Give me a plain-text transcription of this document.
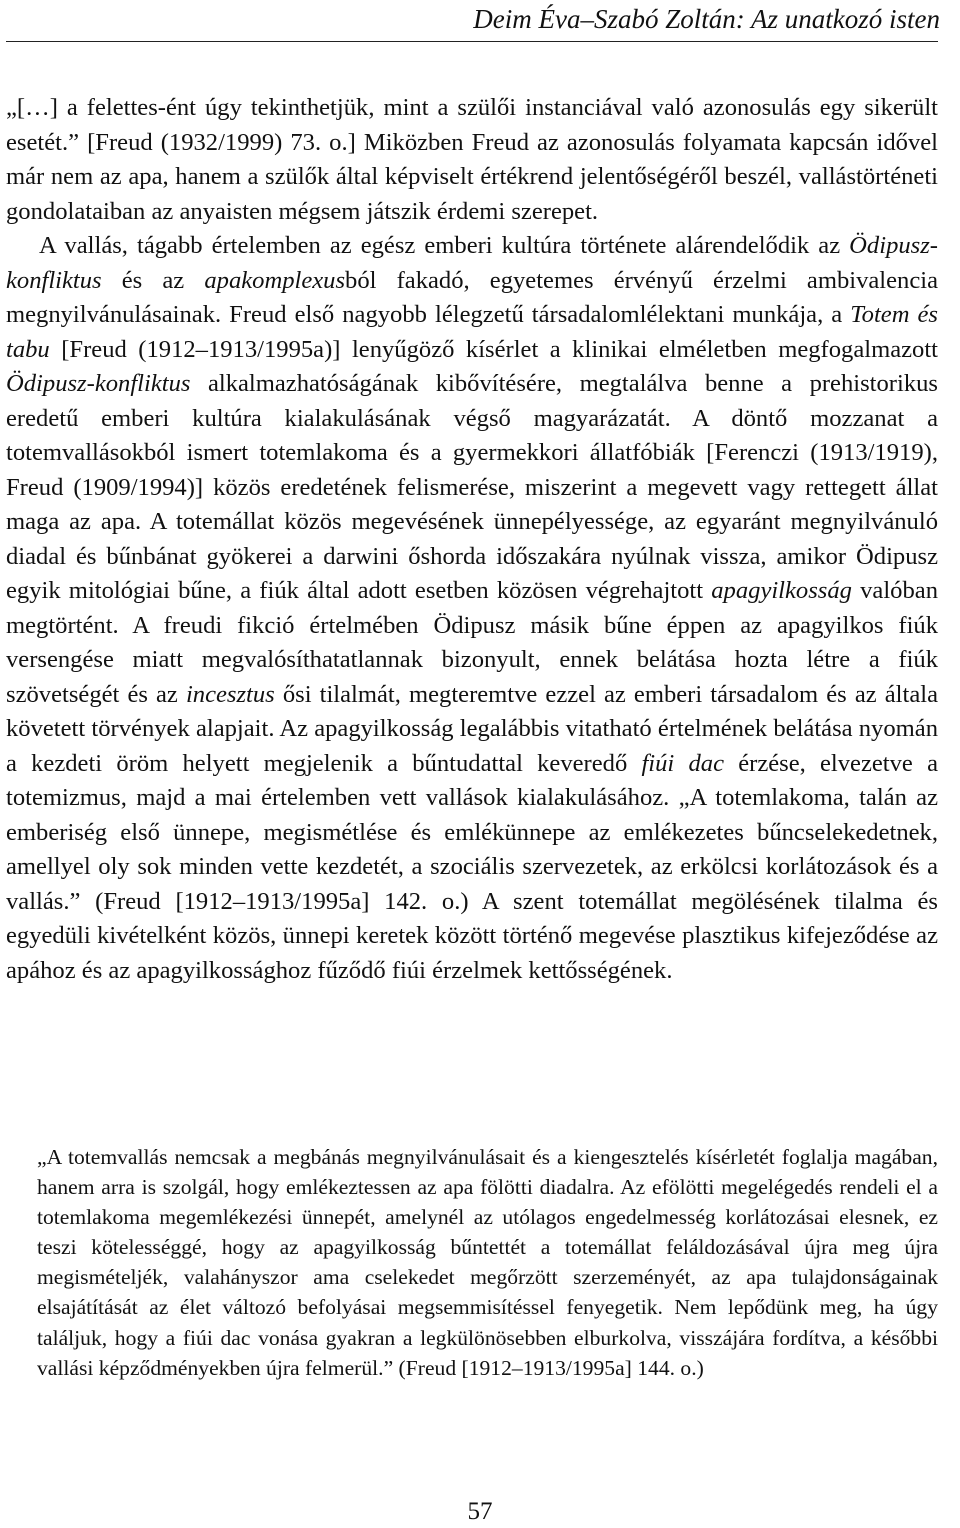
Deim Éva–Szabó Zoltán: Az unatkozó isten

„[…] a felettes-ént úgy tekinthetjük, mint a szülői instanciával való azonosulás egy sikerült esetét.” [Freud (1932/1999) 73. o.] Miközben Freud az azonosulás folyamata kapcsán idővel már nem az apa, hanem a szülők által képviselt értékrend jelentőségéről beszél, vallástörténeti gondolataiban az anyaisten mégsem játszik érdemi szerepet.

A vallás, tágabb értelemben az egész emberi kultúra története alárendelődik az Ödipusz-konfliktus és az apakomplexusból fakadó, egyetemes érvényű érzelmi ambivalencia megnyilvánulásainak. Freud első nagyobb lélegzetű társadalomlélektani munkája, a Totem és tabu [Freud (1912–1913/1995a)] lenyűgöző kísérlet a klinikai elméletben megfogalmazott Ödipusz-konfliktus alkalmazhatóságának kibővítésére, megtalálva benne a prehistorikus eredetű emberi kultúra kialakulásának végső magyarázatát. A döntő mozzanat a totemvallásokból ismert totemlakoma és a gyermekkori állatfóbiák [Ferenczi (1913/1919), Freud (1909/1994)] közös eredetének felismerése, miszerint a megevett vagy rettegett állat maga az apa. A totemállat közös megevésének ünnepélyessége, az egyaránt megnyilvánuló diadal és bűnbánat gyökerei a darwini őshorda időszakára nyúlnak vissza, amikor Ödipusz egyik mitológiai bűne, a fiúk által adott esetben közösen végrehajtott apagyilkosság valóban megtörtént. A freudi fikció értelmében Ödipusz másik bűne éppen az apagyilkos fiúk versengése miatt megvalósíthatatlannak bizonyult, ennek belátása hozta létre a fiúk szövetségét és az incesztus ősi tilalmát, megteremtve ezzel az emberi társadalom és az általa követett törvények alapjait. Az apagyilkosság legalábbis vitatható értelmének belátása nyomán a kezdeti öröm helyett megjelenik a bűntudattal keveredő fiúi dac érzése, elvezetve a totemizmus, majd a mai értelemben vett vallások kialakulásához. „A totemlakoma, talán az emberiség első ünnepe, megismétlése és emlékünnepe az emlékezetes bűncselekedetnek, amellyel oly sok minden vette kezdetét, a szociális szervezetek, az erkölcsi korlátozások és a vallás.” (Freud [1912–1913/1995a] 142. o.) A szent totemállat megölésének tilalma és egyedüli kivételként közös, ünnepi keretek között történő megevése plasztikus kifejeződése az apához és az apagyilkossághoz fűződő fiúi érzelmek kettősségének.

„A totemvallás nemcsak a megbánás megnyilvánulásait és a kiengesztelés kísérletét foglalja magában, hanem arra is szolgál, hogy emlékeztessen az apa fölötti diadalra. Az efölötti megelégedés rendeli el a totemlakoma megemlékezési ünnepét, amelynél az utólagos engedelmesség korlátozásai elesnek, ez teszi kötelességgé, hogy az apagyilkosság bűntettét a totemállat feláldozásával újra meg újra megismételjék, valahányszor ama cselekedet megőrzött szerzeményét, az apa tulajdonságainak elsajátítását az élet változó befolyásai megsemmisítéssel fenyegetik. Nem lepődünk meg, ha úgy találjuk, hogy a fiúi dac vonása gyakran a legkülönösebben elburkolva, visszájára fordítva, a későbbi vallási képződményekben újra felmerül.” (Freud [1912–1913/1995a] 144. o.)

57
